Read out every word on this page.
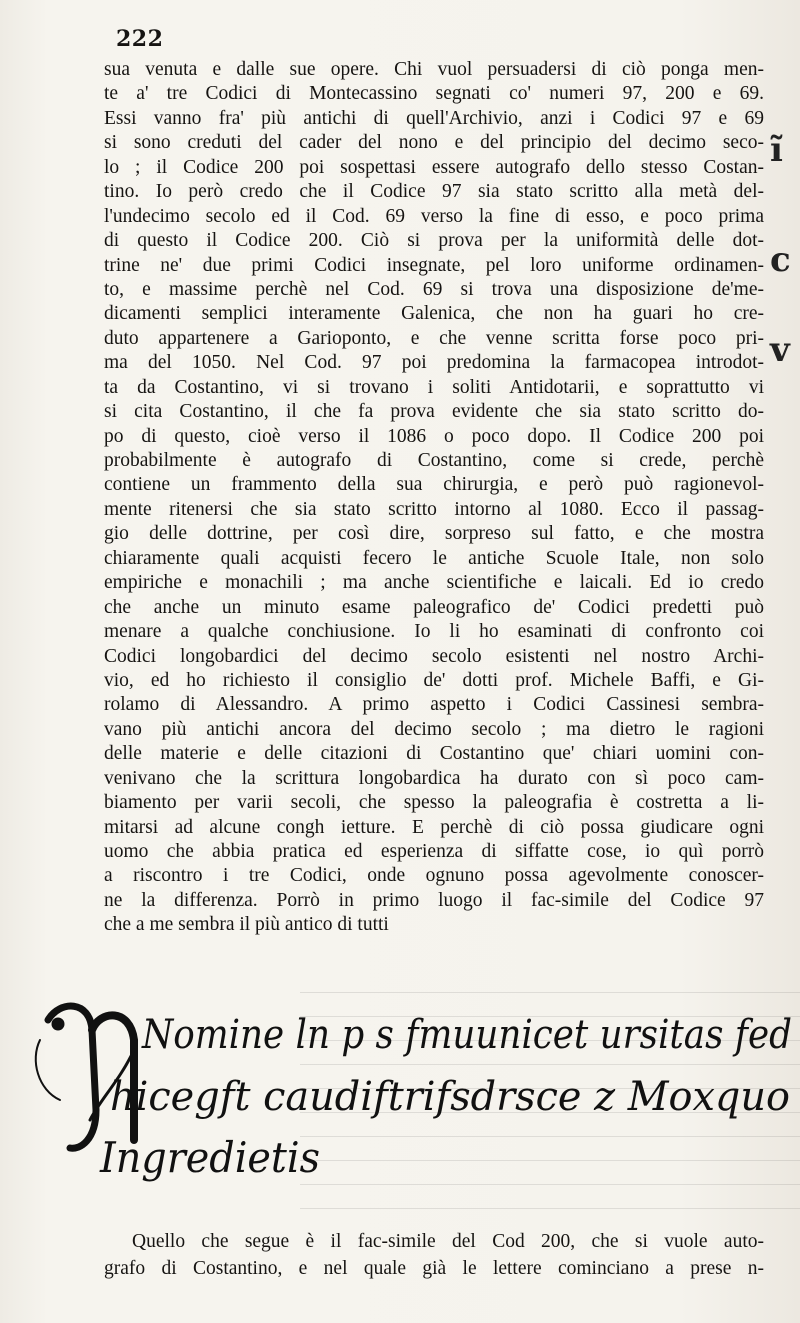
222
sua venuta e dalle sue opere. Chi vuol persuadersi di ciò ponga men-
te a' tre Codici di Montecassino segnati co' numeri 97, 200 e 69.
Essi vanno fra' più antichi di quell'Archivio, anzi i Codici 97 e 69
si sono creduti del cader del nono e del principio del decimo seco-
lo ; il Codice 200 poi sospettasi essere autografo dello stesso Costan-
tino. Io però credo che il Codice 97 sia stato scritto alla metà del-
l'undecimo secolo ed il Cod. 69 verso la fine di esso, e poco prima
di questo il Codice 200. Ciò si prova per la uniformità delle dot-
trine ne' due primi Codici insegnate, pel loro uniforme ordinamen-
to, e massime perchè nel Cod. 69 si trova una disposizione de'me-
dicamenti semplici interamente Galenica, che non ha guari ho cre-
duto appartenere a Garioponto, e che venne scritta forse poco pri-
ma del 1050. Nel Cod. 97 poi predomina la farmacopea introdot-
ta da Costantino, vi si trovano i soliti Antidotarii, e soprattutto vi
si cita Costantino, il che fa prova evidente che sia stato scritto do-
po di questo, cioè verso il 1086 o poco dopo. Il Codice 200 poi
probabilmente è autografo di Costantino, come si crede, perchè
contiene un frammento della sua chirurgia, e però può ragionevol-
mente ritenersi che sia stato scritto intorno al 1080. Ecco il passag-
gio delle dottrine, per così dire, sorpreso sul fatto, e che mostra
chiaramente quali acquisti fecero le antiche Scuole Itale, non solo
empiriche e monachili ; ma anche scientifiche e laicali. Ed io credo
che anche un minuto esame paleografico de' Codici predetti può
menare a qualche conchiusione. Io li ho esaminati di confronto coi
Codici longobardici del decimo secolo esistenti nel nostro Archi-
vio, ed ho richiesto il consiglio de' dotti prof. Michele Baffi, e Gi-
rolamo di Alessandro. A primo aspetto i Codici Cassinesi sembra-
vano più antichi ancora del decimo secolo ; ma dietro le ragioni
delle materie e delle citazioni di Costantino que' chiari uomini con-
venivano che la scrittura longobardica ha durato con sì poco cam-
biamento per varii secoli, che spesso la paleografia è costretta a li-
mitarsi ad alcune congh ietture. E perchè di ciò possa giudicare ogni
uomo che abbia pratica ed esperienza di siffatte cose, io quì porrò
a riscontro i tre Codici, onde ognuno possa agevolmente conoscer-
ne la differenza. Porrò in primo luogo il fac-simile del Codice 97
che a me sembra il più antico di tutti
ĩ
c
v
Nomine ln p s fmuunicet ursitas fed
hicegft caudiftrifsdrsce z Moxquo
Ingredietis
Quello che segue è il fac-simile del Cod 200, che si vuole auto-
grafo di Costantino, e nel quale già le lettere cominciano a prese n-
